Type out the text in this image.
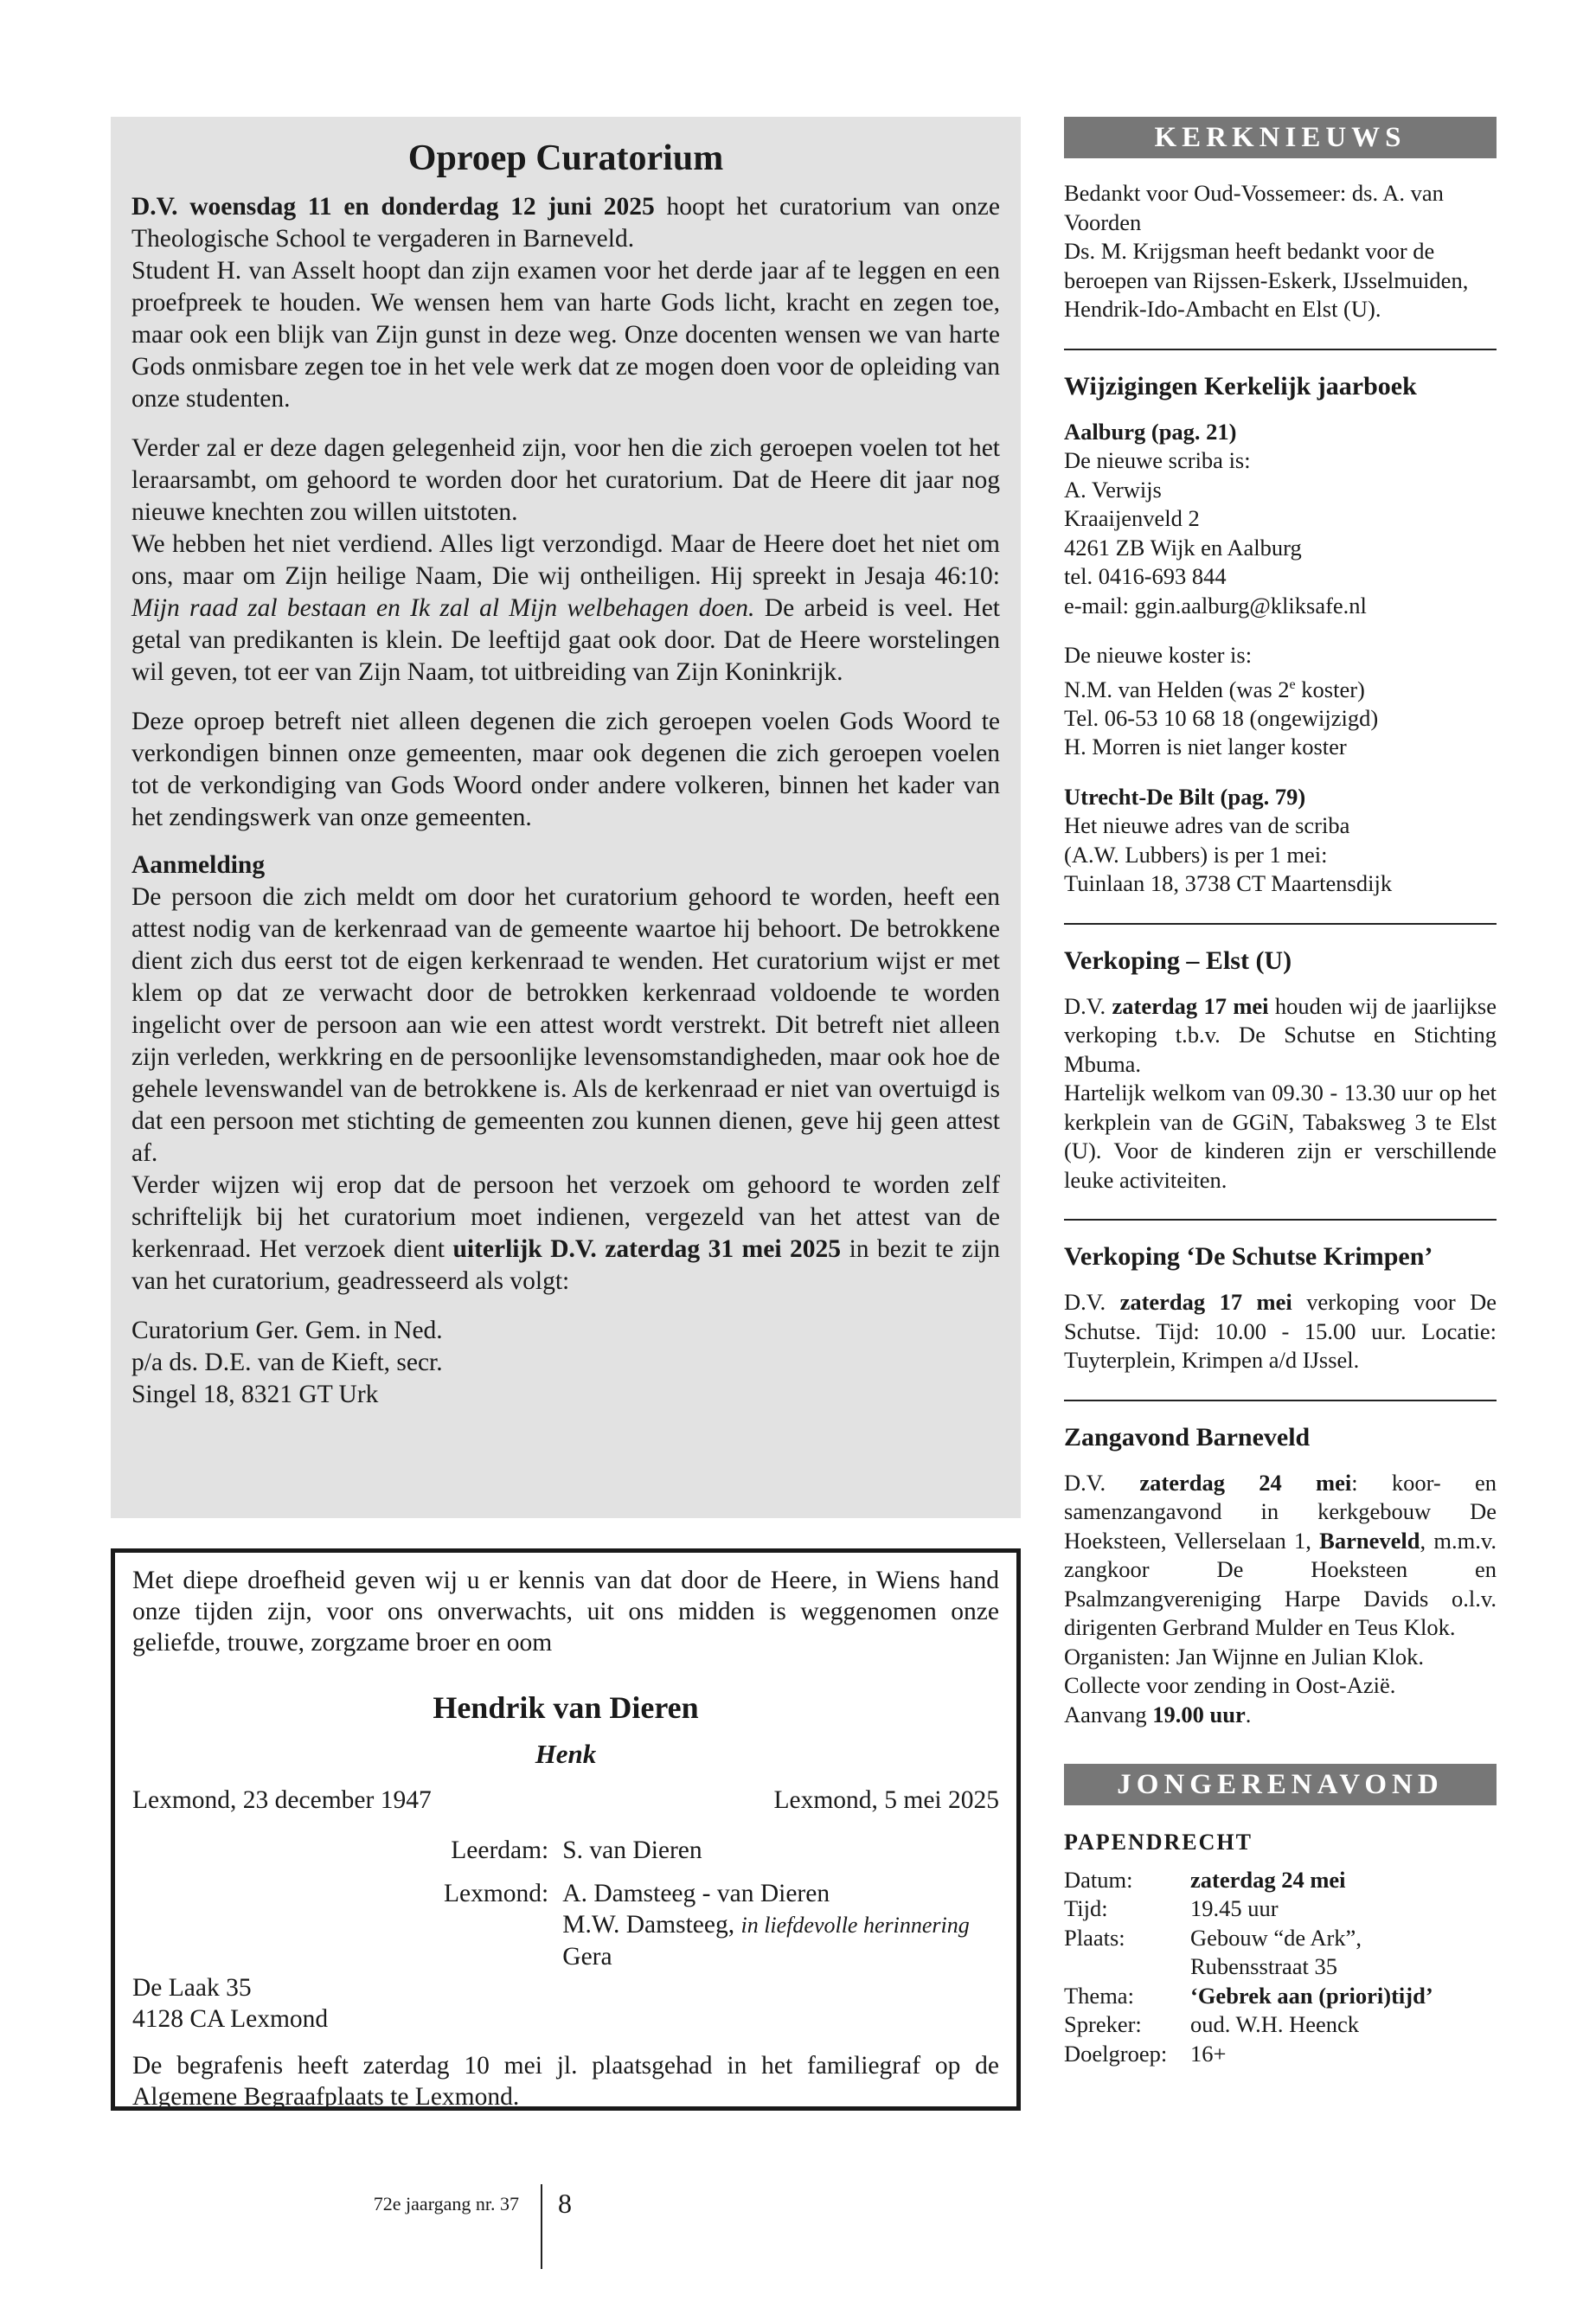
Oproep Curatorium

D.V. woensdag 11 en donderdag 12 juni 2025 hoopt het curatorium van onze Theologische School te vergaderen in Barneveld.

Student H. van Asselt hoopt dan zijn examen voor het derde jaar af te leggen en een proefpreek te houden. We wensen hem van harte Gods licht, kracht en zegen toe, maar ook een blijk van Zijn gunst in deze weg. Onze docenten wensen we van harte Gods onmisbare zegen toe in het vele werk dat ze mogen doen voor de opleiding van onze studenten.

Verder zal er deze dagen gelegenheid zijn, voor hen die zich geroepen voelen tot het leraarsambt, om gehoord te worden door het curatorium. Dat de Heere dit jaar nog nieuwe knechten zou willen uitstoten.

We hebben het niet verdiend. Alles ligt verzondigd. Maar de Heere doet het niet om ons, maar om Zijn heilige Naam, Die wij ontheiligen. Hij spreekt in Jesaja 46:10: Mijn raad zal bestaan en Ik zal al Mijn welbehagen doen. De arbeid is veel. Het getal van predikanten is klein. De leeftijd gaat ook door. Dat de Heere worstelingen wil geven, tot eer van Zijn Naam, tot uitbreiding van Zijn Koninkrijk.

Deze oproep betreft niet alleen degenen die zich geroepen voelen Gods Woord te verkondigen binnen onze gemeenten, maar ook degenen die zich geroepen voelen tot de verkondiging van Gods Woord onder andere volkeren, binnen het kader van het zendingswerk van onze gemeenten.

Aanmelding

De persoon die zich meldt om door het curatorium gehoord te worden, heeft een attest nodig van de kerkenraad van de gemeente waartoe hij behoort. De betrokkene dient zich dus eerst tot de eigen kerkenraad te wenden. Het curatorium wijst er met klem op dat ze verwacht door de betrokken kerkenraad voldoende te worden ingelicht over de persoon aan wie een attest wordt verstrekt. Dit betreft niet alleen zijn verleden, werkkring en de persoonlijke levensomstandigheden, maar ook hoe de gehele levenswandel van de betrokkene is. Als de kerkenraad er niet van overtuigd is dat een persoon met stichting de gemeenten zou kunnen dienen, geve hij geen attest af.

Verder wijzen wij erop dat de persoon het verzoek om gehoord te worden zelf schriftelijk bij het curatorium moet indienen, vergezeld van het attest van de kerkenraad. Het verzoek dient uiterlijk D.V. zaterdag 31 mei 2025 in bezit te zijn van het curatorium, geadresseerd als volgt:

Curatorium Ger. Gem. in Ned.

p/a ds. D.E. van de Kieft, secr.

Singel 18, 8321 GT Urk

Met diepe droefheid geven wij u er kennis van dat door de Heere, in Wiens hand onze tijden zijn, voor ons onverwachts, uit ons midden is weggenomen onze geliefde, trouwe, zorgzame broer en oom

Hendrik van Dieren

Henk

Lexmond, 23 december 1947	Lexmond, 5 mei 2025
Leerdam:	S. van Dieren

Lexmond:	A. Damsteeg - van Dieren
	M.W. Damsteeg, in liefdevolle herinnering
	Gera

De Laak 35

4128 CA Lexmond

De begrafenis heeft zaterdag 10 mei jl. plaatsgehad in het familiegraf op de Algemene Begraafplaats te Lexmond.

KERKNIEUWS

Bedankt voor Oud-Vossemeer: ds. A. van Voorden

Ds. M. Krijgsman heeft bedankt voor de beroepen van Rijssen-Eskerk, IJsselmuiden, Hendrik-Ido-Ambacht en Elst (U).

Wijzigingen Kerkelijk jaarboek

Aalburg (pag. 21)

De nieuwe scriba is:

A. Verwijs

Kraaijenveld 2

4261 ZB Wijk en Aalburg

tel. 0416-693 844

e-mail: ggin.aalburg@kliksafe.nl

De nieuwe koster is:

N.M. van Helden (was 2e koster)

Tel. 06-53 10 68 18 (ongewijzigd)

H. Morren is niet langer koster

Utrecht-De Bilt (pag. 79)

Het nieuwe adres van de scriba

(A.W. Lubbers) is per 1 mei:

Tuinlaan 18, 3738 CT Maartensdijk

Verkoping – Elst (U)

D.V. zaterdag 17 mei houden wij de jaarlijkse verkoping t.b.v. De Schutse en Stichting Mbuma.

Hartelijk welkom van 09.30 - 13.30 uur op het kerkplein van de GGiN, Tabaksweg 3 te Elst (U). Voor de kinderen zijn er verschillende leuke activiteiten.

Verkoping ‘De Schutse Krimpen’

D.V. zaterdag 17 mei verkoping voor De Schutse. Tijd: 10.00 - 15.00 uur. Locatie: Tuyterplein, Krimpen a/d IJssel.

Zangavond Barneveld

D.V. zaterdag 24 mei: koor- en samenzangavond in kerkgebouw De Hoeksteen, Vellerselaan 1, Barneveld, m.m.v. zangkoor De Hoeksteen en Psalmzangvereniging Harpe Davids o.l.v. dirigenten Gerbrand Mulder en Teus Klok.

Organisten: Jan Wijnne en Julian Klok.

Collecte voor zending in Oost-Azië.

Aanvang 19.00 uur.

JONGERENAVOND

PAPENDRECHT

Datum:	zaterdag 24 mei
Tijd:	19.45 uur
Plaats:	Gebouw “de Ark”,
Rubensstraat 35
Thema:	‘Gebrek aan (priori)tijd’
Spreker:	oud. W.H. Heenck
Doelgroep:	16+
72e jaargang nr. 37 8
